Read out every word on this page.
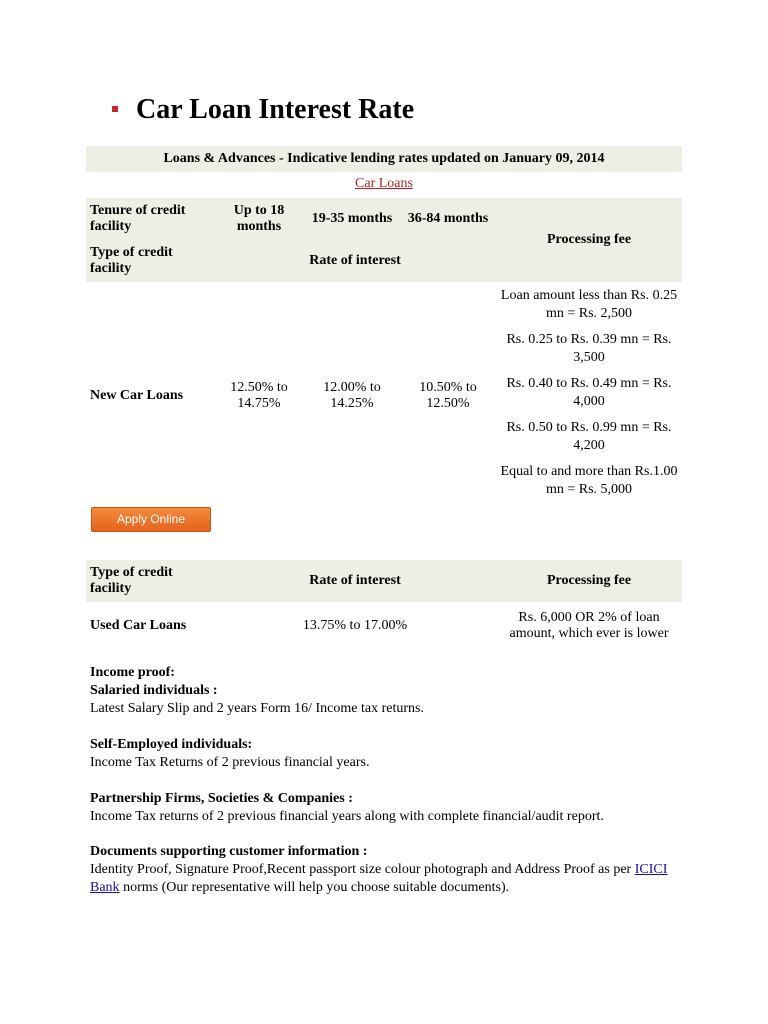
Car Loan Interest Rate
Loans & Advances - Indicative lending rates updated on January 09, 2014
Car Loans
Tenure of credit facility	Up to 18 months	19-35 months	36-84 months	Processing fee
Type of credit facility	Rate of interest			
New Car Loans	12.50% to 14.75%	12.00% to 14.25%	10.50% to 12.50%	Loan amount less than Rs. 0.25 mn = Rs. 2,500
Rs. 0.25 to Rs. 0.39 mn = Rs. 3,500
Rs. 0.40 to Rs. 0.49 mn = Rs. 4,000
Rs. 0.50 to Rs. 0.99 mn = Rs. 4,200
Equal to and more than Rs.1.00 mn = Rs. 5,000
Apply Online
Type of credit facility	Rate of interest	Processing fee
Used Car Loans	13.75% to 17.00%	Rs. 6,000 OR 2% of loan amount, which ever is lower
Income proof:
Salaried individuals :
Latest Salary Slip and 2 years Form 16/ Income tax returns.
Self-Employed individuals:
Income Tax Returns of 2 previous financial years.
Partnership Firms, Societies & Companies :
Income Tax returns of 2 previous financial years along with complete financial/audit report.
Documents supporting customer information :
Identity Proof, Signature Proof,Recent passport size colour photograph and Address Proof as per ICICI Bank norms (Our representative will help you choose suitable documents).
